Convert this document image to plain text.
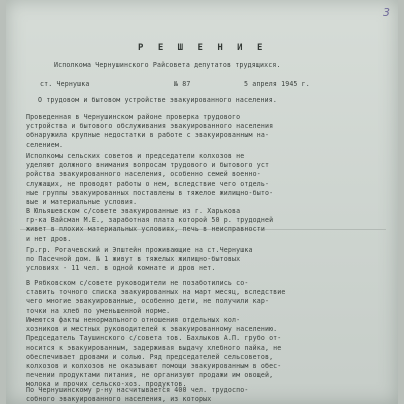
3
Р Е Ш Е Н И Е
Исполкома Чернушинского Райсовета депутатов трудящихся.
ст. Чернушка	№ 87	5 апреля 1945 г.
О трудовом и бытовом устройстве эвакуированного населения.
Проведенная в Чернушинском районе проверка трудового
устройства и бытового обслуживания эвакуированного населения
обнаружила крупные недостатки в работе с эвакуированным на-
селением.
Исполкомы сельских советов и председатели колхозов не
уделяют должного внимания вопросам трудового и бытового уст
ройства эвакуированного населения, особенно семей военно-
служащих, не проводят работы о нем, вследствие чего отдель-
ные группы эвакуированных поставлены в тяжелое жилищно-быто-
вые и материальные условия.
В Юльяшевском с/совете эвакуированные из г. Харькова
гр-ка Вайсман М.Е., заработная плата которой 50 р. трудодней
живет в плохих материальных условиях, печь в неисправности
и нет дров.
Гр.гр. Рогачевский и Эпштейн проживающие на ст.Чернушка
по Пасечной дом. № 1 живут в тяжелых жилищно-бытовых
условиях - 11 чел. в одной комнате и дров нет.
В Рябковском с/совете руководители не позаботились со-
ставить точного списка эвакуированных на март месяц, вследствие
чего многие эвакуированные, особенно дети, не получили кар-
точки на хлеб по уменьшенной норме.
Имеются факты ненормального отношения отдельных кол-
хозников и местных руководителей к эвакуированному населению.
Председатель Таушинского с/совета тов. Бахлыков А.П. грубо от-
носится к эвакуированным, задерживая выдачу хлебного пайка, не
обеспечивает дровами и солью. Ряд председателей сельсоветов,
колхозов и колхозов не оказывают помощи эвакуированным в обес-
печении продуктами питания, не организуют продажи им овощей,
молока и прочих сельско-хоз. продуктов.
По Чернушинскому р-ну насчитывается 400 чел. трудоспо-
собного эвакуированного населения, из которых
